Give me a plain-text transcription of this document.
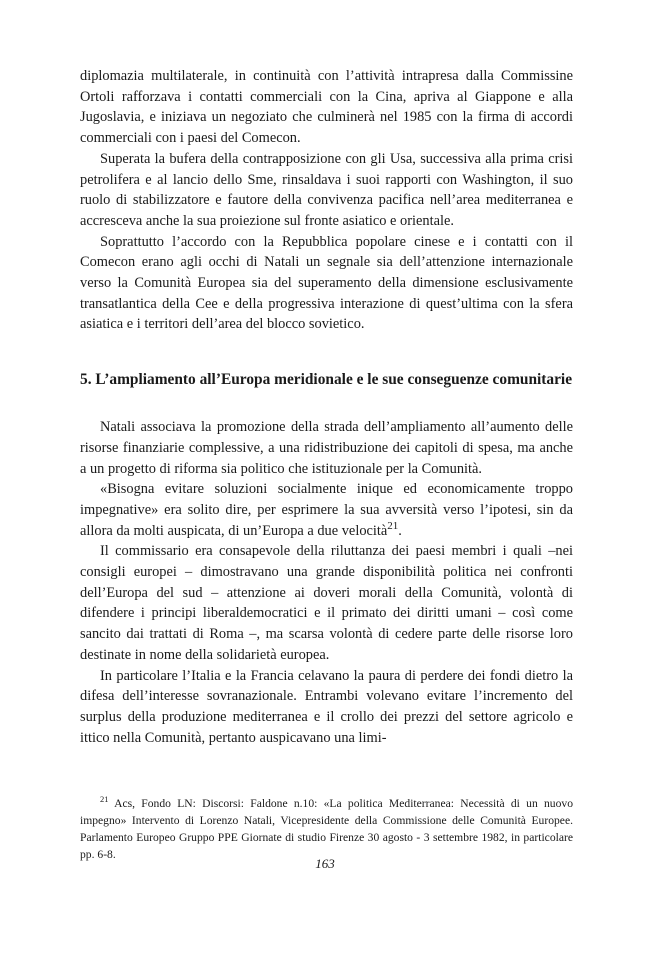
diplomazia multilaterale, in continuità con l’attività intrapresa dalla Commissine Ortoli rafforzava i contatti commerciali con la Cina, apriva al Giappone e alla Jugoslavia, e iniziava un negoziato che culminerà nel 1985 con la firma di accordi commerciali con i paesi del Comecon.

Superata la bufera della contrapposizione con gli Usa, successiva alla prima crisi petrolifera e al lancio dello Sme, rinsaldava i suoi rapporti con Washington, il suo ruolo di stabilizzatore e fautore della convivenza pacifica nell’area mediterranea e accresceva anche la sua proiezione sul fronte asiatico e orientale.

Soprattutto l’accordo con la Repubblica popolare cinese e i contatti con il Comecon erano agli occhi di Natali un segnale sia dell’attenzione internazionale verso la Comunità Europea sia del superamento della dimensione esclusivamente transatlantica della Cee e della progressiva interazione di quest’ultima con la sfera asiatica e i territori dell’area del blocco sovietico.

5. L’ampliamento all’Europa meridionale e le sue conseguenze comunitarie

Natali associava la promozione della strada dell’ampliamento all’aumento delle risorse finanziarie complessive, a una ridistribuzione dei capitoli di spesa, ma anche a un progetto di riforma sia politico che istituzionale per la Comunità.

«Bisogna evitare soluzioni socialmente inique ed economicamente troppo impegnative» era solito dire, per esprimere la sua avversità verso l’ipotesi, sin da allora da molti auspicata, di un’Europa a due velocità$^{21}$.

Il commissario era consapevole della riluttanza dei paesi membri i quali –nei consigli europei – dimostravano una grande disponibilità politica nei confronti dell’Europa del sud – attenzione ai doveri morali della Comunità, volontà di difendere i principi liberaldemocratici e il primato dei diritti umani – così come sancito dai trattati di Roma –, ma scarsa volontà di cedere parte delle risorse loro destinate in nome della solidarietà europea.

In particolare l’Italia e la Francia celavano la paura di perdere dei fondi dietro la difesa dell’interesse sovranazionale. Entrambi volevano evitare l’incremento del surplus della produzione mediterranea e il crollo dei prezzi del settore agricolo e ittico nella Comunità, pertanto auspicavano una limi-

$^{21}$ Acs, Fondo LN: Discorsi: Faldone n.10: «La politica Mediterranea: Necessità di un nuovo impegno» Intervento di Lorenzo Natali, Vicepresidente della Commissione delle Comunità Europee. Parlamento Europeo Gruppo PPE Giornate di studio Firenze 30 agosto - 3 settembre 1982, in particolare pp. 6-8.

163
